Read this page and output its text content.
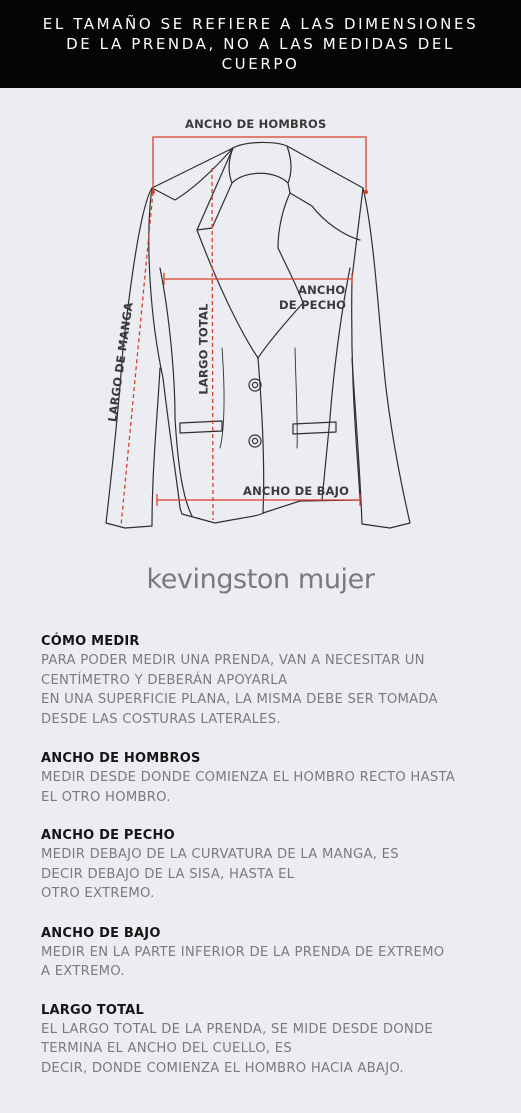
EL TAMAÑO SE REFIERE A LAS DIMENSIONES
DE LA PRENDA, NO A LAS MEDIDAS DEL
CUERPO
ANCHO DE HOMBROS
ANCHO
DE PECHO
ANCHO DE BAJO
LARGO DE MANGA	LARGO TOTAL
kevingston mujer
CÓMO MEDIR

PARA PODER MEDIR UNA PRENDA, VAN A NECESITAR UN

CENTÍMETRO Y DEBERÁN APOYARLA

EN UNA SUPERFICIE PLANA, LA MISMA DEBE SER TOMADA

DESDE LAS COSTURAS LATERALES.

ANCHO DE HOMBROS

MEDIR DESDE DONDE COMIENZA EL HOMBRO RECTO HASTA

EL OTRO HOMBRO.

ANCHO DE PECHO

MEDIR DEBAJO DE LA CURVATURA DE LA MANGA, ES

DECIR DEBAJO DE LA SISA, HASTA EL

OTRO EXTREMO.

ANCHO DE BAJO

MEDIR EN LA PARTE INFERIOR DE LA PRENDA DE EXTREMO

A EXTREMO.

LARGO TOTAL

EL LARGO TOTAL DE LA PRENDA, SE MIDE DESDE DONDE

TERMINA EL ANCHO DEL CUELLO, ES

DECIR, DONDE COMIENZA EL HOMBRO HACIA ABAJO.
